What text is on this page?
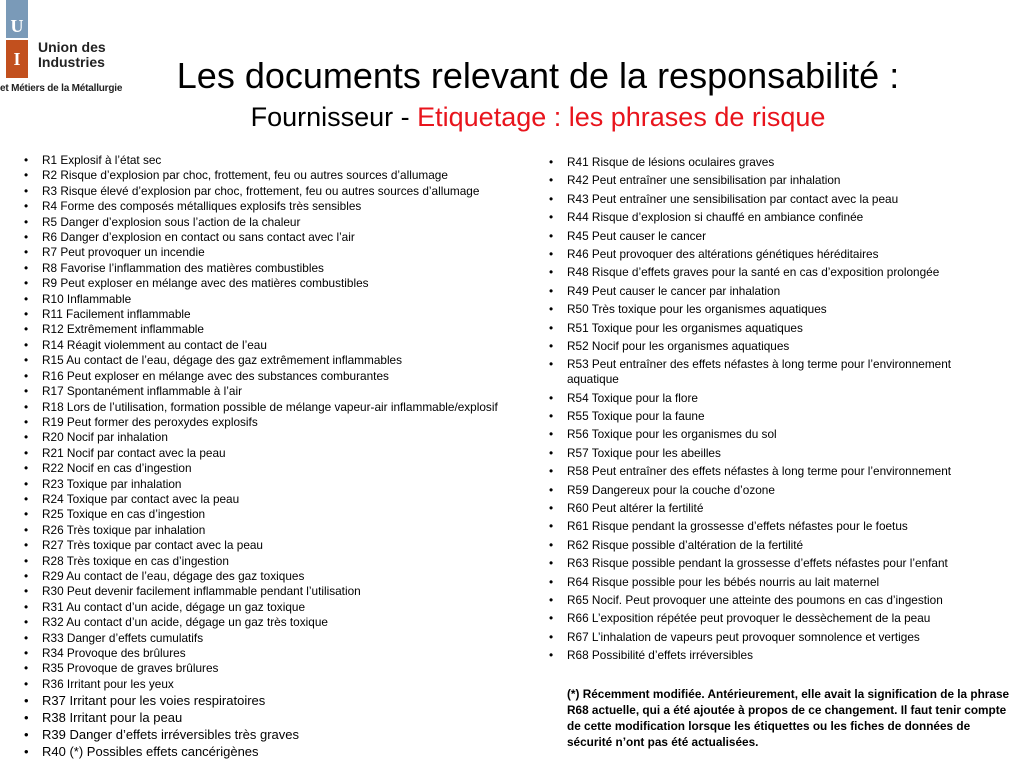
U
I
Union des
Industries
et Métiers de la Métallurgie	Les documents relevant de la responsabilité :
Fournisseur - Etiquetage : les phrases de risque
• R1 Explosif à l’état sec
• R2 Risque d’explosion par choc, frottement, feu ou autres sources d’allumage
• R3 Risque élevé d’explosion par choc, frottement, feu ou autres sources d’allumage
• R4 Forme des composés métalliques explosifs très sensibles
• R5 Danger d’explosion sous l’action de la chaleur
• R6 Danger d’explosion en contact ou sans contact avec l’air
• R7 Peut provoquer un incendie
• R8 Favorise l’inflammation des matières combustibles
• R9 Peut exploser en mélange avec des matières combustibles
• R10 Inflammable
• R11 Facilement inflammable
• R12 Extrêmement inflammable
• R14 Réagit violemment au contact de l’eau
• R15 Au contact de l’eau, dégage des gaz extrêmement inflammables
• R16 Peut exploser en mélange avec des substances comburantes
• R17 Spontanément inflammable à l’air
• R18 Lors de l’utilisation, formation possible de mélange vapeur-air inflammable/explosif
• R19 Peut former des peroxydes explosifs
• R20 Nocif par inhalation
• R21 Nocif par contact avec la peau
• R22 Nocif en cas d’ingestion
• R23 Toxique par inhalation
• R24 Toxique par contact avec la peau
• R25 Toxique en cas d’ingestion
• R26 Très toxique par inhalation
• R27 Très toxique par contact avec la peau
• R28 Très toxique en cas d’ingestion
• R29 Au contact de l’eau, dégage des gaz toxiques
• R30 Peut devenir facilement inflammable pendant l’utilisation
• R31 Au contact d’un acide, dégage un gaz toxique
• R32 Au contact d’un acide, dégage un gaz très toxique
• R33 Danger d’effets cumulatifs
• R34 Provoque des brûlures
• R35 Provoque de graves brûlures
• R36 Irritant pour les yeux
• R37 Irritant pour les voies respiratoires
• R38 Irritant pour la peau
• R39 Danger d’effets irréversibles très graves
• R40 (*) Possibles effets cancérigènes
• R41 Risque de lésions oculaires graves
• R42 Peut entraîner une sensibilisation par inhalation
• R43 Peut entraîner une sensibilisation par contact avec la peau
• R44 Risque d’explosion si chauffé en ambiance confinée
• R45 Peut causer le cancer
• R46 Peut provoquer des altérations génétiques héréditaires
• R48 Risque d’effets graves pour la santé en cas d’exposition prolongée
• R49 Peut causer le cancer par inhalation
• R50 Très toxique pour les organismes aquatiques
• R51 Toxique pour les organismes aquatiques
• R52 Nocif pour les organismes aquatiques
• R53 Peut entraîner des effets néfastes à long terme pour l’environnement aquatique
• R54 Toxique pour la flore
• R55 Toxique pour la faune
• R56 Toxique pour les organismes du sol
• R57 Toxique pour les abeilles
• R58 Peut entraîner des effets néfastes à long terme pour l’environnement
• R59 Dangereux pour la couche d’ozone
• R60 Peut altérer la fertilité
• R61 Risque pendant la grossesse d’effets néfastes pour le foetus
• R62 Risque possible d’altération de la fertilité
• R63 Risque possible pendant la grossesse d’effets néfastes pour l’enfant
• R64 Risque possible pour les bébés nourris au lait maternel
• R65 Nocif. Peut provoquer une atteinte des poumons en cas d’ingestion
• R66 L’exposition répétée peut provoquer le dessèchement de la peau
• R67 L’inhalation de vapeurs peut provoquer somnolence et vertiges
• R68 Possibilité d’effets irréversibles
(*) Récemment modifiée. Antérieurement, elle avait la signification de la phrase R68 actuelle, qui a été ajoutée à propos de ce changement. Il faut tenir compte de cette modification lorsque les étiquettes ou les fiches de données de sécurité n’ont pas été actualisées.
